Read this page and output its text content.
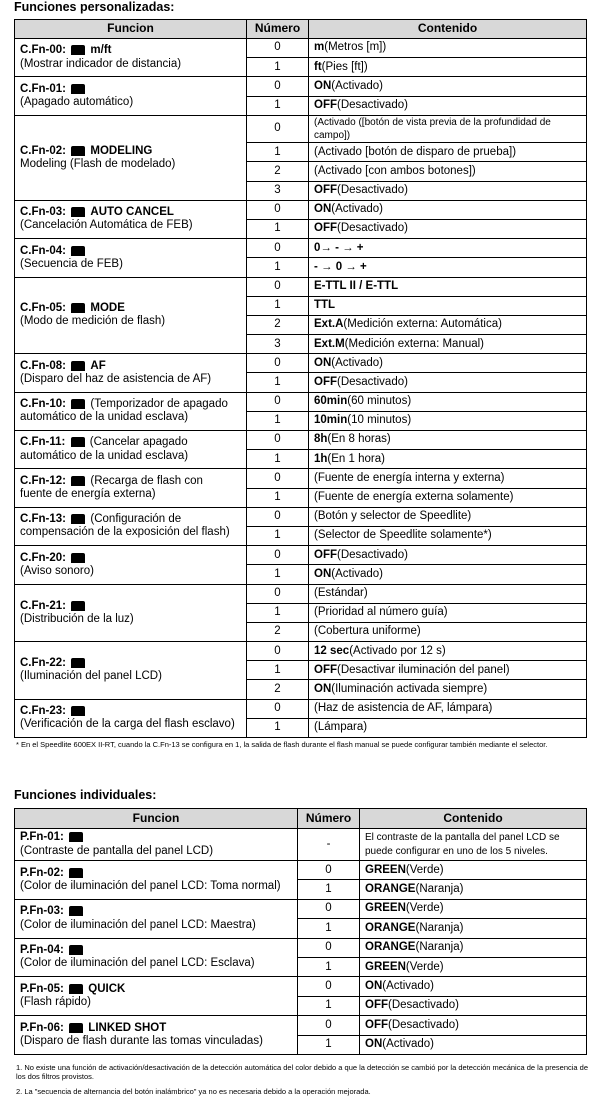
Funciones personalizadas:
Funcion	Número	Contenido

C.Fn-00: m/ft
(Mostrar indicador de distancia)	0	m(Metros [m])
	1	ft(Pies [ft])

C.Fn-01:
(Apagado automático)	0	ON(Activado)
	1	OFF(Desactivado)

C.Fn-02: MODELING
Modeling (Flash de modelado)	0	(Activado ([botón de vista previa de la profundidad de campo])
	1	(Activado [botón de disparo de prueba])
	2	(Activado [con ambos botones])
	3	OFF(Desactivado)

C.Fn-03: AUTO CANCEL
(Cancelación Automática de FEB)	0	ON(Activado)
	1	OFF(Desactivado)

C.Fn-04:
(Secuencia de FEB)	0	0→ - → +
	1	- → 0 → +

C.Fn-05: MODE
(Modo de medición de flash)	0	E-TTL II / E-TTL
	1	TTL
	2	Ext.A(Medición externa: Automática)
	3	Ext.M(Medición externa: Manual)

C.Fn-08: AF
(Disparo del haz de asistencia de AF)	0	ON(Activado)
	1	OFF(Desactivado)

C.Fn-10: (Temporizador de apagado
automático de la unidad esclava)	0	60min(60 minutos)
	1	10min(10 minutos)

C.Fn-11: (Cancelar apagado
automático de la unidad esclava)	0	8h(En 8 horas)
	1	1h(En 1 hora)

C.Fn-12: (Recarga de flash con
fuente de energía externa)	0	(Fuente de energía interna y externa)
	1	(Fuente de energía externa solamente)

C.Fn-13: (Configuración de
compensación de la exposición del flash)	0	(Botón y selector de Speedlite)
	1	(Selector de Speedlite solamente*)

C.Fn-20:
(Aviso sonoro)	0	OFF(Desactivado)
	1	ON(Activado)

C.Fn-21:
(Distribución de la luz)	0	(Estándar)
	1	(Prioridad al número guía)
	2	(Cobertura uniforme)

C.Fn-22:
(Iluminación del panel LCD)	0	12 sec(Activado por 12 s)
	1	OFF(Desactivar iluminación del panel)
	2	ON(Iluminación activada siempre)

C.Fn-23:
(Verificación de la carga del flash esclavo)	0	(Haz de asistencia de AF, lámpara)
	1	(Lámpara)
* En el Speedlite 600EX II-RT, cuando la C.Fn-13 se configura en 1, la salida de flash durante el flash manual se puede configurar también mediante el selector.
Funciones individuales:
Funcion	Número	Contenido

P.Fn-01:
(Contraste de pantalla del panel LCD)	-	El contraste de la pantalla del panel LCD se puede configurar en uno de los 5 niveles.

P.Fn-02:
(Color de iluminación del panel LCD: Toma normal)	0	GREEN(Verde)
	1	ORANGE(Naranja)

P.Fn-03:
(Color de iluminación del panel LCD: Maestra)	0	GREEN(Verde)
	1	ORANGE(Naranja)

P.Fn-04:
(Color de iluminación del panel LCD: Esclava)	0	ORANGE(Naranja)
	1	GREEN(Verde)

P.Fn-05: QUICK
(Flash rápido)	0	ON(Activado)
	1	OFF(Desactivado)

P.Fn-06: LINKED SHOT
(Disparo de flash durante las tomas vinculadas)	0	OFF(Desactivado)
	1	ON(Activado)
1. No existe una función de activación/desactivación de la detección automática del color debido a que la detección se cambió por la detección mecánica de la presencia de los dos filtros provistos.
2. La "secuencia de alternancia del botón inalámbrico" ya no es necesaria debido a la operación mejorada.
